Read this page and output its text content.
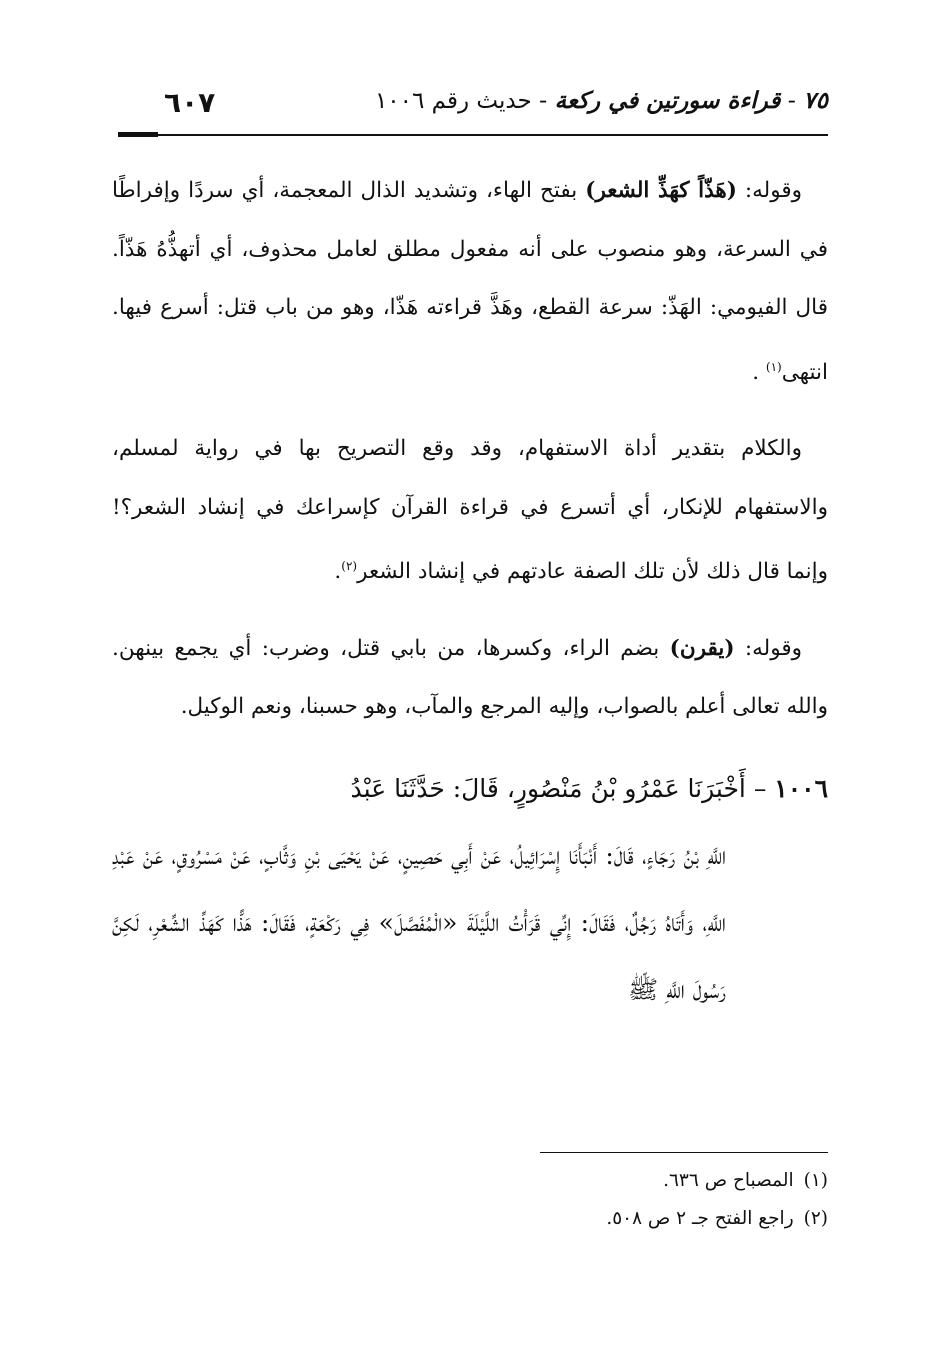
٧٥ - قراءة سورتين في ركعة - حديث رقم ١٠٠٦
٦٠٧

وقوله: (هَذّاً كهَذِّ الشعر) بفتح الهاء، وتشديد الذال المعجمة، أي سردًا وإفراطًا في السرعة، وهو منصوب على أنه مفعول مطلق لعامل محذوف، أي أتهذُّهُ هَذّاً. قال الفيومي: الهَذّ: سرعة القطع، وهَذَّ قراءته هَذّا، وهو من باب قتل: أسرع فيها. انتهى$^{(١)}$ .

والكلام بتقدير أداة الاستفهام، وقد وقع التصريح بها في رواية لمسلم، والاستفهام للإنكار، أي أتسرع في قراءة القرآن كإسراعك في إنشاد الشعر؟! وإنما قال ذلك لأن تلك الصفة عادتهم في إنشاد الشعر$^{(٢)}$.

وقوله: (يقرن) بضم الراء، وكسرها، من بابي قتل، وضرب: أي يجمع بينهن. والله تعالى أعلم بالصواب، وإليه المرجع والمآب، وهو حسبنا، ونعم الوكيل.

١٠٠٦ – أَخْبَرَنَا عَمْرُو بْنُ مَنْصُورٍ، قَالَ: حَدَّثَنَا عَبْدُ
اللَّهِ بْنُ رَجَاءٍ، قَالَ: أَنْبَأَنَا إِسْرَائِيلُ، عَنْ أَبِي حَصِينٍ، عَنْ يَحْيَى بْنِ وَثَّابٍ، عَنْ مَسْرُوقٍ، عَنْ عَبْدِ اللَّهِ، وَأَتَاهُ رَجُلٌ، فَقَالَ: إِنِّي قَرَأْتُ اللَّيْلَةَ «الْمُفَصَّلَ» فِي رَكْعَةٍ، فَقَالَ: هَذًّا كَهَذِّ الشِّعْرِ، لَكِنَّ رَسُولَ اللَّهِ ﷺ
(١)المصباح ص ٦٣٦.
(٢)راجع الفتح جـ ٢ ص ٥٠٨.
